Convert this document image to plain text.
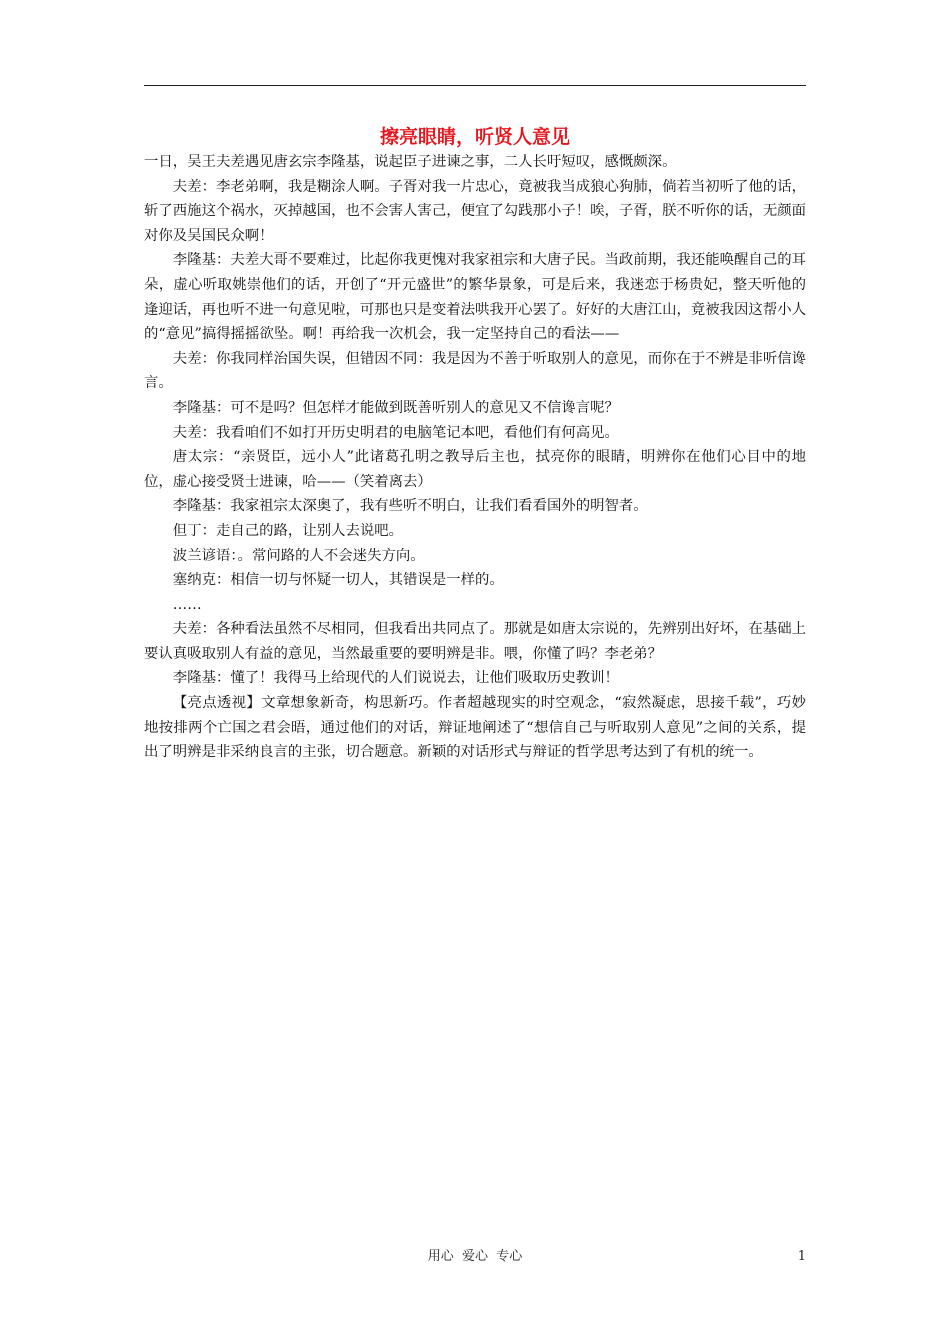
擦亮眼睛，听贤人意见

一日，吴王夫差遇见唐玄宗李隆基，说起臣子进谏之事，二人长吁短叹，感慨颇深。

夫差：李老弟啊，我是糊涂人啊。子胥对我一片忠心，竟被我当成狼心狗肺，倘若当初听了他的话，斩了西施这个祸水，灭掉越国，也不会害人害己，便宜了勾践那小子！唉，子胥，朕不听你的话，无颜面对你及吴国民众啊！

李隆基：夫差大哥不要难过，比起你我更愧对我家祖宗和大唐子民。当政前期，我还能唤醒自己的耳朵，虚心听取姚崇他们的话，开创了“开元盛世”的繁华景象，可是后来，我迷恋于杨贵妃，整天听他的逢迎话，再也听不进一句意见啦，可那也只是变着法哄我开心罢了。好好的大唐江山，竟被我因这帮小人的“意见”搞得摇摇欲坠。啊！再给我一次机会，我一定坚持自己的看法——

夫差：你我同样治国失误，但错因不同：我是因为不善于听取别人的意见，而你在于不辨是非听信谗言。

李隆基：可不是吗？但怎样才能做到既善听别人的意见又不信谗言呢？

夫差：我看咱们不如打开历史明君的电脑笔记本吧，看他们有何高见。

唐太宗：“亲贤臣，远小人”此诸葛孔明之教导后主也，拭亮你的眼睛，明辨你在他们心目中的地位，虚心接受贤士进谏，哈——（笑着离去）

李隆基：我家祖宗太深奥了，我有些听不明白，让我们看看国外的明智者。

但丁：走自己的路，让别人去说吧。

波兰谚语：。常问路的人不会迷失方向。

塞纳克：相信一切与怀疑一切人，其错误是一样的。

……

夫差：各种看法虽然不尽相同，但我看出共同点了。那就是如唐太宗说的，先辨别出好坏，在基础上要认真吸取别人有益的意见，当然最重要的要明辨是非。喂，你懂了吗？李老弟？

李隆基：懂了！我得马上给现代的人们说说去，让他们吸取历史教训！

【亮点透视】文章想象新奇，构思新巧。作者超越现实的时空观念，“寂然凝虑，思接千载”，巧妙地按排两个亡国之君会晤，通过他们的对话，辩证地阐述了“想信自己与听取别人意见”之间的关系，提出了明辨是非采纳良言的主张，切合题意。新颖的对话形式与辩证的哲学思考达到了有机的统一。

用心  爱心  专心	1
